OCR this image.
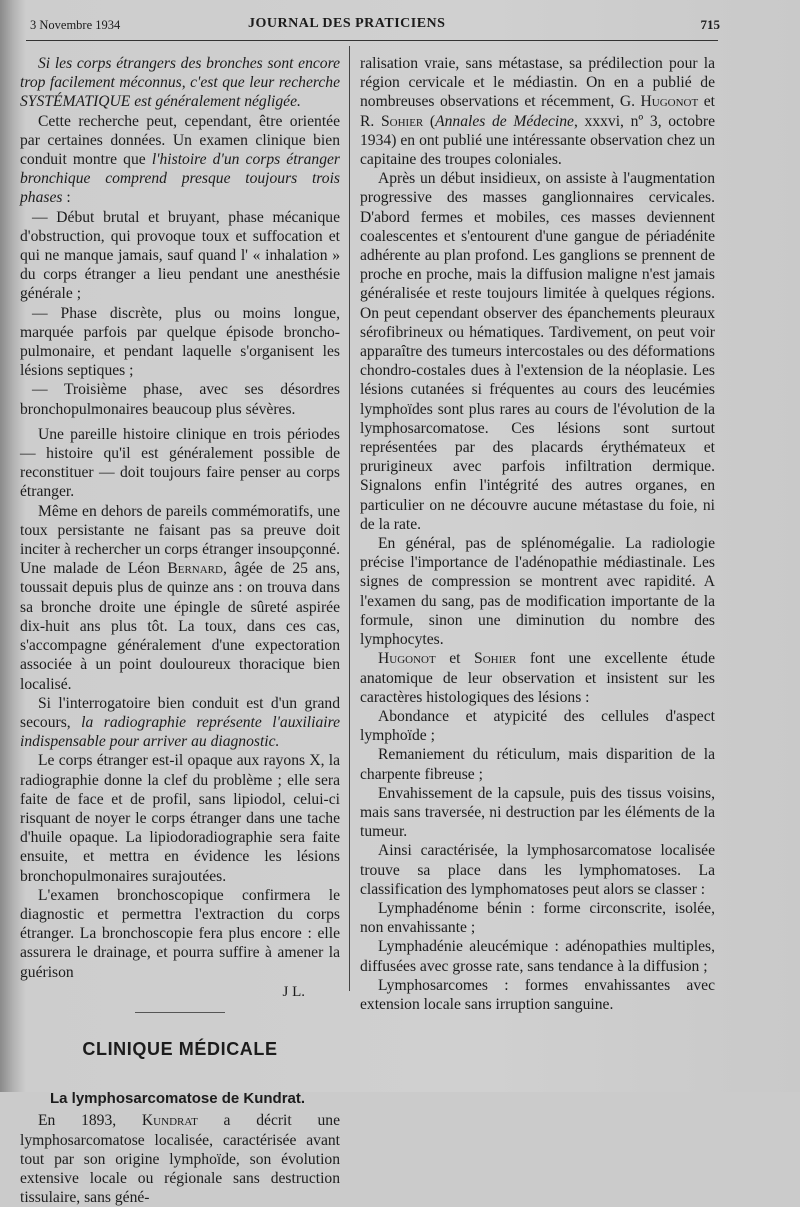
3 Novembre 1934	JOURNAL DES PRATICIENS	715

Si les corps étrangers des bronches sont encore trop facilement méconnus, c'est que leur recherche SYSTÉMATIQUE est généralement négligée.

Cette recherche peut, cependant, être orientée par certaines données. Un examen clinique bien conduit montre que l'histoire d'un corps étranger bronchique comprend presque toujours trois phases :

— Début brutal et bruyant, phase mécanique d'obstruction, qui provoque toux et suffocation et qui ne manque jamais, sauf quand l' « inhalation » du corps étranger a lieu pendant une anesthésie générale ;

— Phase discrète, plus ou moins longue, marquée parfois par quelque épisode broncho-pulmonaire, et pendant laquelle s'organisent les lésions septiques ;

— Troisième phase, avec ses désordres bronchopulmonaires beaucoup plus sévères.

Une pareille histoire clinique en trois périodes — histoire qu'il est généralement possible de reconstituer — doit toujours faire penser au corps étranger.

Même en dehors de pareils commémoratifs, une toux persistante ne faisant pas sa preuve doit inciter à rechercher un corps étranger insoupçonné. Une malade de Léon Bernard, âgée de 25 ans, toussait depuis plus de quinze ans : on trouva dans sa bronche droite une épingle de sûreté aspirée dix-huit ans plus tôt. La toux, dans ces cas, s'accompagne généralement d'une expectoration associée à un point douloureux thoracique bien localisé.

Si l'interrogatoire bien conduit est d'un grand secours, la radiographie représente l'auxiliaire indispensable pour arriver au diagnostic.

Le corps étranger est-il opaque aux rayons X, la radiographie donne la clef du problème ; elle sera faite de face et de profil, sans lipiodol, celui-ci risquant de noyer le corps étranger dans une tache d'huile opaque. La lipiodoradiographie sera faite ensuite, et mettra en évidence les lésions bronchopulmonaires surajoutées.

L'examen bronchoscopique confirmera le diagnostic et permettra l'extraction du corps étranger. La bronchoscopie fera plus encore : elle assurera le drainage, et pourra suffire à amener la guérison

J L.
CLINIQUE MÉDICALE
La lymphosarcomatose de Kundrat.

En 1893, Kundrat a décrit une lymphosarcomatose localisée, caractérisée avant tout par son origine lymphoïde, son évolution extensive locale ou régionale sans destruction tissulaire, sans géné-

ralisation vraie, sans métastase, sa prédilection pour la région cervicale et le médiastin. On en a publié de nombreuses observations et récemment, G. Hugonot et R. Sohier (Annales de Médecine, xxxvi, nº 3, octobre 1934) en ont publié une intéressante observation chez un capitaine des troupes coloniales.

Après un début insidieux, on assiste à l'augmentation progressive des masses ganglionnaires cervicales. D'abord fermes et mobiles, ces masses deviennent coalescentes et s'entourent d'une gangue de périadénite adhérente au plan profond. Les ganglions se prennent de proche en proche, mais la diffusion maligne n'est jamais généralisée et reste toujours limitée à quelques régions. On peut cependant observer des épanchements pleuraux sérofibrineux ou hématiques. Tardivement, on peut voir apparaître des tumeurs intercostales ou des déformations chondro-costales dues à l'extension de la néoplasie. Les lésions cutanées si fréquentes au cours des leucémies lymphoïdes sont plus rares au cours de l'évolution de la lymphosarcomatose. Ces lésions sont surtout représentées par des placards érythémateux et prurigineux avec parfois infiltration dermique. Signalons enfin l'intégrité des autres organes, en particulier on ne découvre aucune métastase du foie, ni de la rate.

En général, pas de splénomégalie. La radiologie précise l'importance de l'adénopathie médiastinale. Les signes de compression se montrent avec rapidité. A l'examen du sang, pas de modification importante de la formule, sinon une diminution du nombre des lymphocytes.

Hugonot et Sohier font une excellente étude anatomique de leur observation et insistent sur les caractères histologiques des lésions :

Abondance et atypicité des cellules d'aspect lymphoïde ;

Remaniement du réticulum, mais disparition de la charpente fibreuse ;

Envahissement de la capsule, puis des tissus voisins, mais sans traversée, ni destruction par les éléments de la tumeur.

Ainsi caractérisée, la lymphosarcomatose localisée trouve sa place dans les lymphomatoses. La classification des lymphomatoses peut alors se classer :

Lymphadénome bénin : forme circonscrite, isolée, non envahissante ;

Lymphadénie aleucémique : adénopathies multiples, diffusées avec grosse rate, sans tendance à la diffusion ;

Lymphosarcomes : formes envahissantes avec extension locale sans irruption sanguine.
